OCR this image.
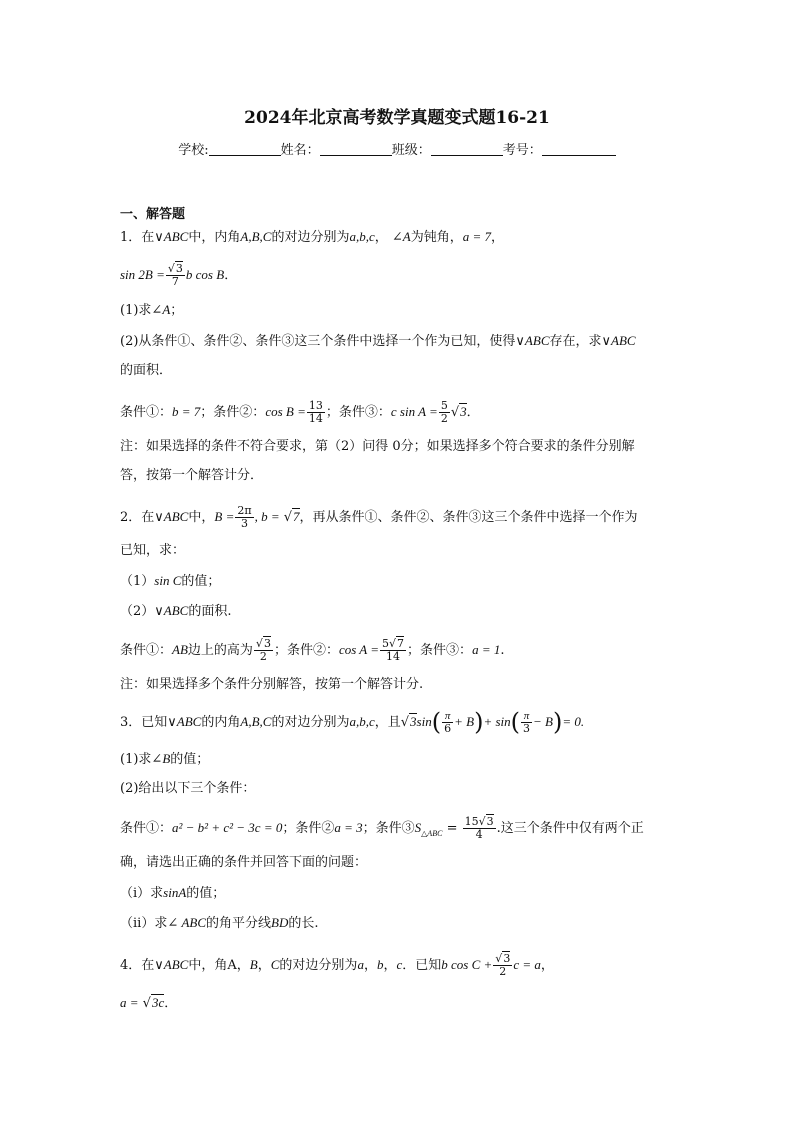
2024年北京高考数学真题变式题16-21
学校:	姓名：	班级：	考号：
一、解答题
1．在∨ABC中，内角A,B,C的对边分别为a,b,c， ∠A为钝角，a = 7，
$\sin 2B = \frac{√3}{7}$ b cos B．
(1)求∠A；
(2)从条件①、条件②、条件③这三个条件中选择一个作为已知，使得∨ABC存在，求∨ABC
的面积．
条件①：b = 7；条件②：$\cos B = \frac{13}{14}$ ；条件③：c $\sin A = \frac{5}{2} √3$．
注：如果选择的条件不符合要求，第（2）问得 0分；如果选择多个符合要求的条件分别解
答，按第一个解答计分．
2．在∨ABC中，$B = \frac{2\pi}{3}$ , b = √7，再从条件①、条件②、条件③这三个条件中选择一个作为
已知，求：
（1）sin C的值；
（2）∨ABC的面积.
条件①：AB边上的高为 $\frac{√3}{2}$ ；条件②：$\cos A = \frac{5√7}{14}$ ；条件③：a = 1.
注：如果选择多个条件分别解答，按第一个解答计分.
3．已知∨ABC的内角A,B,C的对边分别为a,b,c，且$√3\sin( \frac{\pi}{6} + B)+ \sin( \frac{\pi}{3} - B)= 0$.
(1)求∠B的值；
(2)给出以下三个条件：
条件①：a² − b² + c² − 3c = 0；条件②a = 3；条件$③S_{\triangle ABC} = \frac{15√3}{4}$ .这三个条件中仅有两个正
确，请选出正确的条件并回答下面的问题：
（i）求sinA的值；
（ii）求∠ ABC的角平分线BD的长.
4．在∨ABC中，角A，B，C的对边分别为a，b，c．已知b $\cos C + \frac{√3}{2}$ c = a，
a = √3c．
